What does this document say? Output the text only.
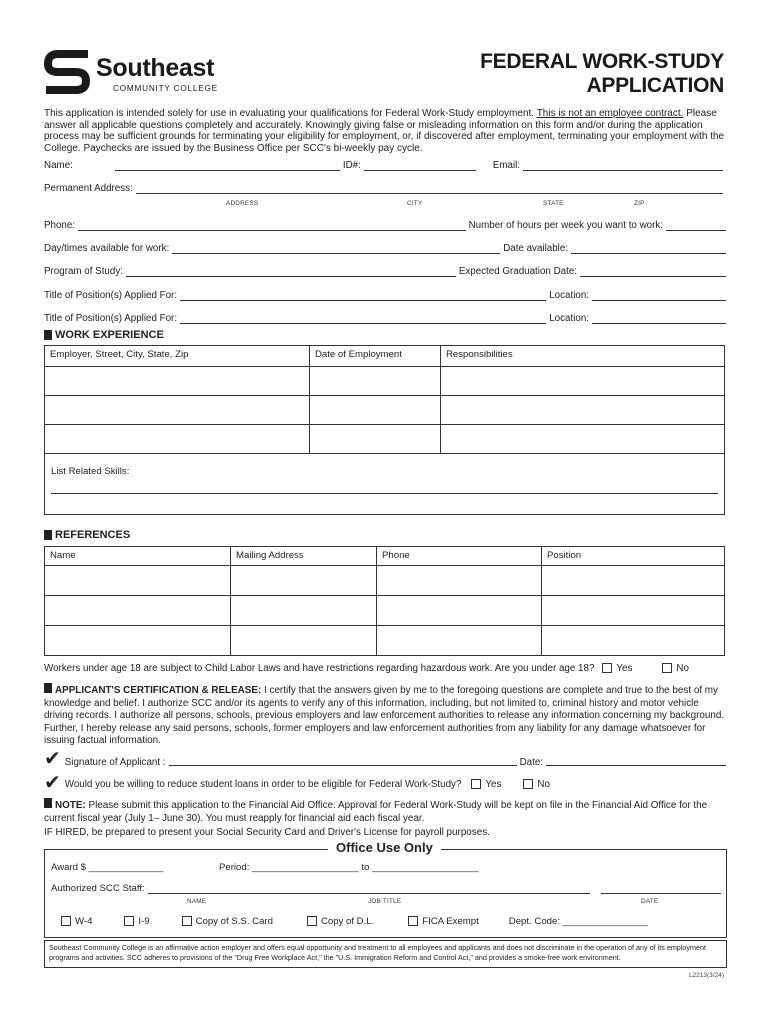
Southeast
COMMUNITY COLLEGE
FEDERAL WORK-STUDY
APPLICATION
This application is intended solely for use in evaluating your qualifications for Federal Work-Study employment. This is not an employee contract. Please answer all applicable questions completely and accurately. Knowingly giving false or misleading information on this form and/or during the application process may be sufficient grounds for terminating your eligibility for employment, or, if discovered after employment, terminating your employment with the College. Paychecks are issued by the Business Office per SCC's bi-weekly pay cycle.
Name:	ID#:	Email:
Permanent Address:
ADDRESS	CITY	STATE	ZIP
Phone:	Number of hours per week you want to work:
Day/times available for work:	Date available:
Program of Study:	Expected Graduation Date:
Title of Position(s) Applied For:	Location:
Title of Position(s) Applied For:	Location:
WORK EXPERIENCE
Employer, Street, City, State, Zip	Date of Employment	Responsibilities

List Related Skills:		
REFERENCES
Name	Mailing Address	Phone	Position

Workers under age 18 are subject to Child Labor Laws and have restrictions regarding hazardous work. Are you under age 18?	Yes	No
APPLICANT'S CERTIFICATION & RELEASE: I certify that the answers given by me to the foregoing questions are complete and true to the best of my knowledge and belief. I authorize SCC and/or its agents to verify any of this information, including, but not limited to, criminal history and motor vehicle driving records. I authorize all persons, schools, previous employers and law enforcement authorities to release any information concerning my background. Further, I hereby release any said persons, schools, former employers and law enforcement authorities from any liability for any damage whatsoever for issuing factual information.
✔ Signature of Applicant :	Date:
✔ Would you be willing to reduce student loans in order to be eligible for Federal Work-Study?	Yes	No
NOTE: Please submit this application to the Financial Aid Office. Approval for Federal Work-Study will be kept on file in the Financial Aid Office for the current fiscal year (July 1– June 30). You must reapply for financial aid each fiscal year.
IF HIRED, be prepared to present your Social Security Card and Driver's License for payroll purposes.
Office Use Only
Award $ ______________	Period: ____________________ to ____________________
Authorized SCC Staff:
NAME	JOB TITLE	DATE
W-4	I-9	Copy of S.S. Card	Copy of D.L.	FICA Exempt	Dept. Code: ________________
Southeast Community College is an affirmative action employer and offers equal opportunity and treatment to all employees and applicants and does not discriminate in the operation of any of its employment programs and activities. SCC adheres to provisions of the "Drug Free Workplace Act," the "U.S. Immigration Reform and Control Act," and provides a smoke-free work environment.
L2213(3/24)
